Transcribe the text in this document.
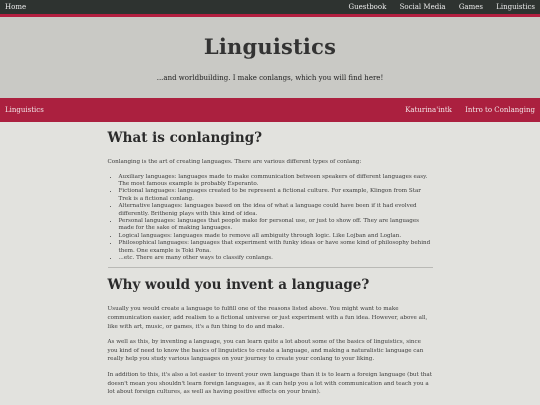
Home	Guestbook Social Media Games Linguistics
Linguistics

...and worldbuilding. I make conlangs, which you will find here!

Linguistics	Katurina'intk Intro to Conlanging
What is conlanging?

Conlanging is the art of creating languages. There are various different types of conlang:

• Auxiliary languages: languages made to make communication between speakers of different languages easy. The most famous example is probably Esperanto.
• Fictional languages: languages created to be represent a fictional culture. For example, Klingon from Star Trek is a fictional conlang.
• Alternative languages: languages based on the idea of what a language could have been if it had evolved differently. Brithenig plays with this kind of idea.
• Personal languages: languages that people make for personal use, or just to show off. They are languages made for the sake of making languages.
• Logical languages: languages made to remove all ambiguity through logic. Like Lojban and Loglan.
• Philosophical languages: languages that experiment with funky ideas or have some kind of philosophy behind them. One example is Toki Pona.
• ...etc. There are many other ways to classify conlangs.
Why would you invent a language?

Usually you would create a language to fulfill one of the reasons listed above. You might want to make communication easier, add realism to a fictional universe or just experiment with a fun idea. However, above all, like with art, music, or games, it's a fun thing to do and make.

As well as this, by inventing a language, you can learn quite a lot about some of the basics of linguistics, since you kind of need to know the basics of linguistics to create a language, and making a naturalistic language can really help you study various languages on your journey to create your conlang to your liking.

In addition to this, it's also a lot easier to invent your own language than it is to learn a foreign language (but that doesn't mean you shouldn't learn foreign languages, as it can help you a lot with communication and teach you a lot about foreign cultures, as well as having positive effects on your brain).
